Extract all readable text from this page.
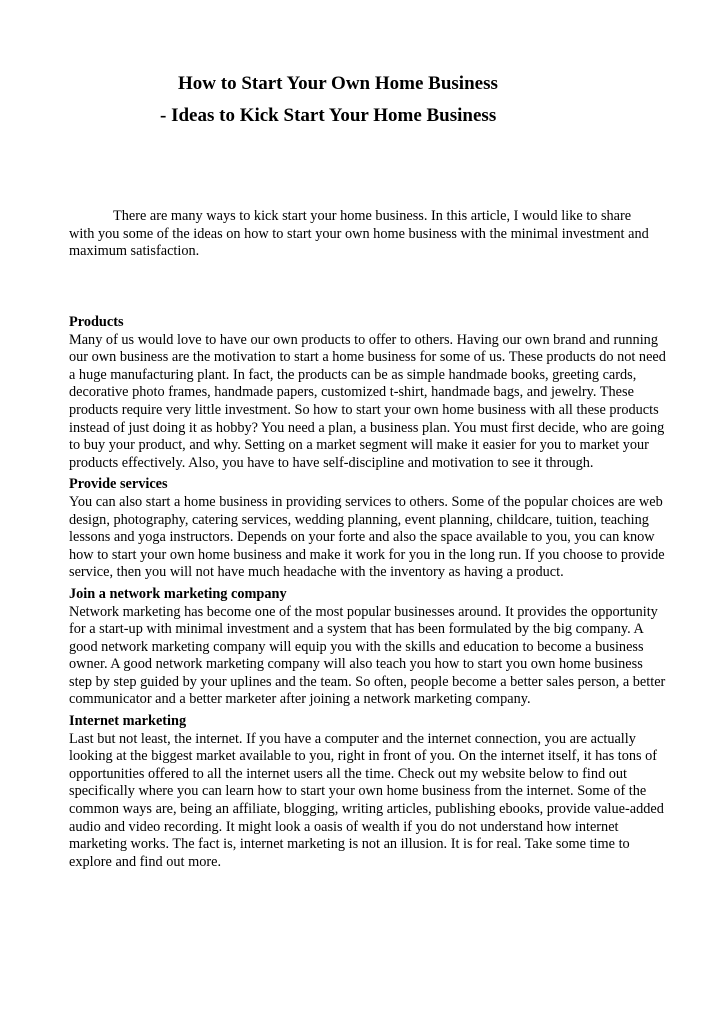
How to Start Your Own Home Business

- Ideas to Kick Start Your Home Business

There are many ways to kick start your home business. In this article, I would like to share with you some of the ideas on how to start your own home business with the minimal investment and maximum satisfaction.

Products

Many of us would love to have our own products to offer to others. Having our own brand and running our own business are the motivation to start a home business for some of us. These products do not need a huge manufacturing plant. In fact, the products can be as simple handmade books, greeting cards, decorative photo frames, handmade papers, customized t-shirt, handmade bags, and jewelry. These products require very little investment. So how to start your own home business with all these products instead of just doing it as hobby? You need a plan, a business plan. You must first decide, who are going to buy your product, and why. Setting on a market segment will make it easier for you to market your products effectively. Also, you have to have self-discipline and motivation to see it through.

Provide services

You can also start a home business in providing services to others. Some of the popular choices are web design, photography, catering services, wedding planning, event planning, childcare, tuition, teaching lessons and yoga instructors. Depends on your forte and also the space available to you, you can know how to start your own home business and make it work for you in the long run. If you choose to provide service, then you will not have much headache with the inventory as having a product.

Join a network marketing company

Network marketing has become one of the most popular businesses around. It provides the opportunity for a start-up with minimal investment and a system that has been formulated by the big company. A good network marketing company will equip you with the skills and education to become a business owner. A good network marketing company will also teach you how to start you own home business step by step guided by your uplines and the team. So often, people become a better sales person, a better communicator and a better marketer after joining a network marketing company.

Internet marketing

Last but not least, the internet. If you have a computer and the internet connection, you are actually looking at the biggest market available to you, right in front of you. On the internet itself, it has tons of opportunities offered to all the internet users all the time. Check out my website below to find out specifically where you can learn how to start your own home business from the internet. Some of the common ways are, being an affiliate, blogging, writing articles, publishing ebooks, provide value-added audio and video recording. It might look a oasis of wealth if you do not understand how internet marketing works. The fact is, internet marketing is not an illusion. It is for real. Take some time to explore and find out more.
